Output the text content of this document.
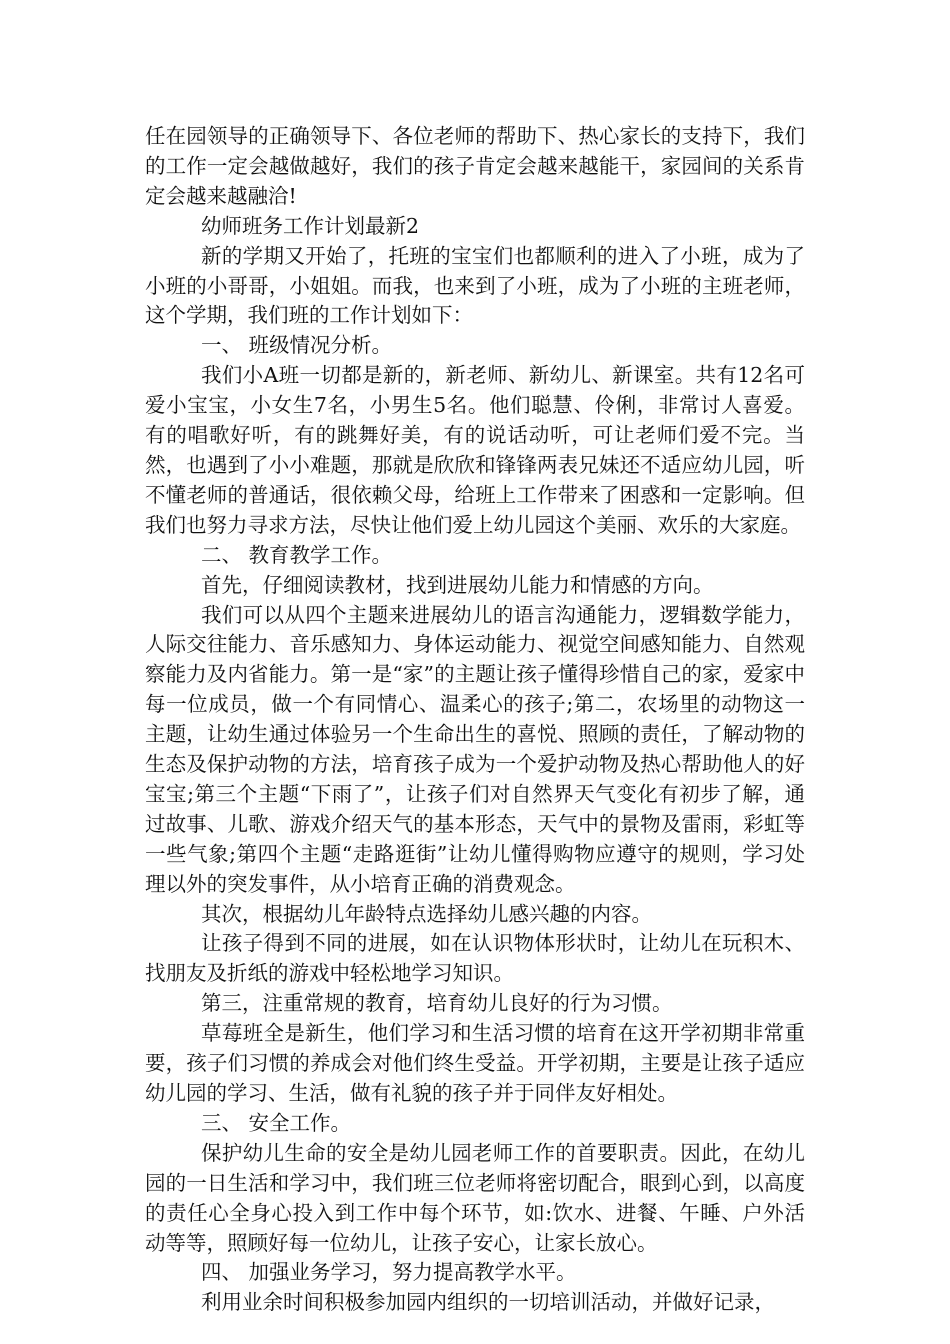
任在园领导的正确领导下、各位老师的帮助下、热心家长的支持下，我们的工作一定会越做越好，我们的孩子肯定会越来越能干，家园间的关系肯定会越来越融洽!

幼师班务工作计划最新2

新的学期又开始了，托班的宝宝们也都顺利的进入了小班，成为了小班的小哥哥，小姐姐。而我，也来到了小班，成为了小班的主班老师，这个学期，我们班的工作计划如下：

一、 班级情况分析。

我们小A班一切都是新的，新老师、新幼儿、新课室。共有12名可爱小宝宝，小女生7名，小男生5名。他们聪慧、伶俐，非常讨人喜爱。有的唱歌好听，有的跳舞好美，有的说话动听，可让老师们爱不完。当然，也遇到了小小难题，那就是欣欣和锋锋两表兄妹还不适应幼儿园，听不懂老师的普通话，很依赖父母，给班上工作带来了困惑和一定影响。但我们也努力寻求方法，尽快让他们爱上幼儿园这个美丽、欢乐的大家庭。

二、 教育教学工作。

首先，仔细阅读教材，找到进展幼儿能力和情感的方向。

我们可以从四个主题来进展幼儿的语言沟通能力，逻辑数学能力，人际交往能力、音乐感知力、身体运动能力、视觉空间感知能力、自然观察能力及内省能力。第一是“家”的主题让孩子懂得珍惜自己的家，爱家中每一位成员，做一个有同情心、温柔心的孩子;第二，农场里的动物这一主题，让幼生通过体验另一个生命出生的喜悦、照顾的责任，了解动物的生态及保护动物的方法，培育孩子成为一个爱护动物及热心帮助他人的好宝宝;第三个主题“下雨了”，让孩子们对自然界天气变化有初步了解，通过故事、儿歌、游戏介绍天气的基本形态，天气中的景物及雷雨，彩虹等一些气象;第四个主题“走路逛街”让幼儿懂得购物应遵守的规则，学习处理以外的突发事件，从小培育正确的消费观念。

其次，根据幼儿年龄特点选择幼儿感兴趣的内容。

让孩子得到不同的进展，如在认识物体形状时，让幼儿在玩积木、找朋友及折纸的游戏中轻松地学习知识。

第三，注重常规的教育，培育幼儿良好的行为习惯。

草莓班全是新生，他们学习和生活习惯的培育在这开学初期非常重要，孩子们习惯的养成会对他们终生受益。开学初期，主要是让孩子适应幼儿园的学习、生活，做有礼貌的孩子并于同伴友好相处。

三、 安全工作。

保护幼儿生命的安全是幼儿园老师工作的首要职责。因此，在幼儿园的一日生活和学习中，我们班三位老师将密切配合，眼到心到，以高度的责任心全身心投入到工作中每个环节，如:饮水、进餐、午睡、户外活动等等，照顾好每一位幼儿，让孩子安心，让家长放心。

四、 加强业务学习，努力提高教学水平。

利用业余时间积极参加园内组织的一切培训活动，并做好记录，
